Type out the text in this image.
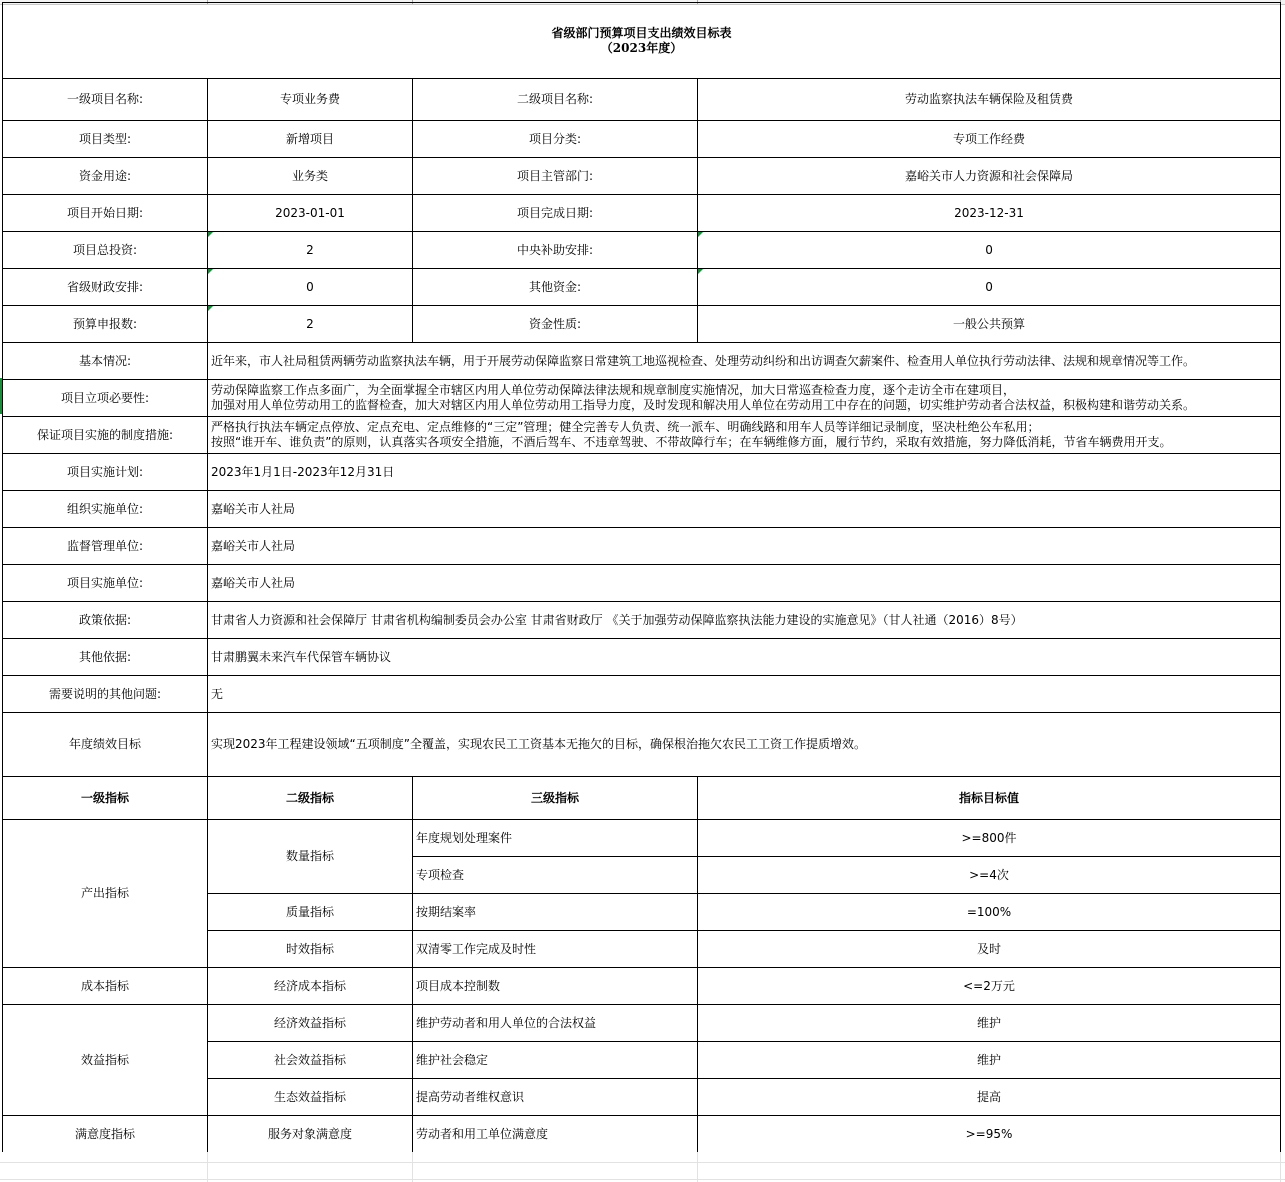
省级部门预算项目支出绩效目标表
（2023年度）			

一级项目名称:	专项业务费	二级项目名称:	劳动监察执法车辆保险及租赁费
项目类型:	新增项目	项目分类:	专项工作经费
资金用途:	业务类	项目主管部门:	嘉峪关市人力资源和社会保障局
项目开始日期:	2023-01-01	项目完成日期:	2023-12-31
项目总投资:	2	中央补助安排:	0
省级财政安排:	0	其他资金:	0
预算申报数:	2	资金性质:	一般公共预算
基本情况:	近年来，市人社局租赁两辆劳动监察执法车辆，用于开展劳动保障监察日常建筑工地巡视检查、处理劳动纠纷和出访调查欠薪案件、检查用人单位执行劳动法律、法规和规章情况等工作。		
项目立项必要性:	劳动保障监察工作点多面广，为全面掌握全市辖区内用人单位劳动保障法律法规和规章制度实施情况，加大日常巡查检查力度，逐个走访全市在建项目，
加强对用人单位劳动用工的监督检查，加大对辖区内用人单位劳动用工指导力度，及时发现和解决用人单位在劳动用工中存在的问题，切实维护劳动者合法权益，积极构建和谐劳动关系。		

保证项目实施的制度措施:	严格执行执法车辆定点停放、定点充电、定点维修的“三定”管理；健全完善专人负责、统一派车、明确线路和用车人员等详细记录制度，坚决杜绝公车私用；
按照“谁开车、谁负责”的原则，认真落实各项安全措施，不酒后驾车、不违章驾驶、不带故障行车；在车辆维修方面，履行节约，采取有效措施，努力降低消耗，节省车辆费用开支。		

项目实施计划:	2023年1月1日-2023年12月31日		
组织实施单位:	嘉峪关市人社局		
监督管理单位:	嘉峪关市人社局		
项目实施单位:	嘉峪关市人社局		
政策依据:	甘肃省人力资源和社会保障厅 甘肃省机构编制委员会办公室 甘肃省财政厅 《关于加强劳动保障监察执法能力建设的实施意见》（甘人社通（2016）8号）		
其他依据:	甘肃鹏翼未来汽车代保管车辆协议		
需要说明的其他问题:	无		
年度绩效目标	实现2023年工程建设领域“五项制度”全覆盖，实现农民工工资基本无拖欠的目标，确保根治拖欠农民工工资工作提质增效。		
一级指标	二级指标	三级指标	指标目标值
产出指标	数量指标	年度规划处理案件	>=800件
		专项检查	>=4次
	质量指标	按期结案率	=100%
	时效指标	双清零工作完成及时性	及时
成本指标	经济成本指标	项目成本控制数	<=2万元
效益指标	经济效益指标	维护劳动者和用人单位的合法权益	维护
	社会效益指标	维护社会稳定	维护
	生态效益指标	提高劳动者维权意识	提高
满意度指标	服务对象满意度	劳动者和用工单位满意度	>=95%
